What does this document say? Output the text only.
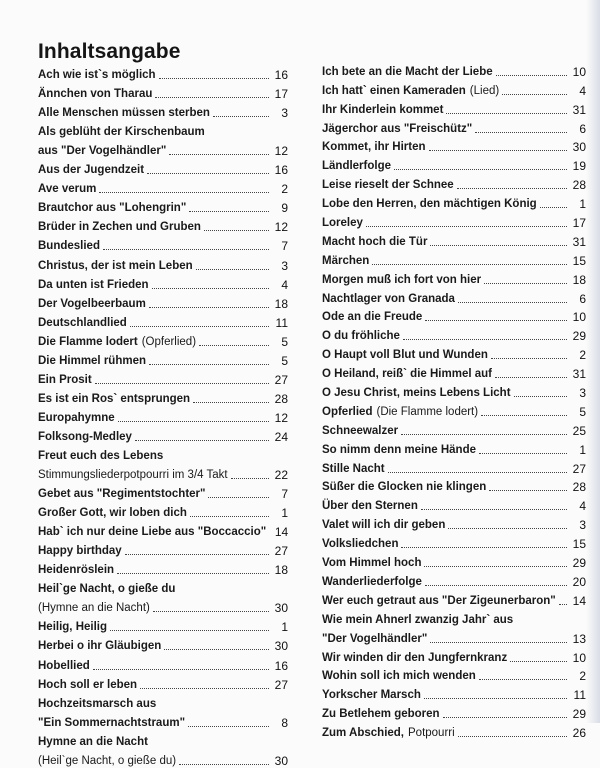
Inhaltsangabe
Ach wie ist`s möglich	16
Ännchen von Tharau	17
Alle Menschen müssen sterben	3
Als geblüht der Kirschenbaum
aus "Der Vogelhändler"	12
Aus der Jugendzeit	16
Ave verum	2
Brautchor aus "Lohengrin"	9
Brüder in Zechen und Gruben	12
Bundeslied	7
Christus, der ist mein Leben	3
Da unten ist Frieden	4
Der Vogelbeerbaum	18
Deutschlandlied	11
Die Flamme lodert (Opferlied)	5
Die Himmel rühmen	5
Ein Prosit	27
Es ist ein Ros` entsprungen	28
Europahymne	12
Folksong-Medley	24
Freut euch des Lebens
Stimmungsliederpotpourri im 3/4 Takt	22
Gebet aus "Regimentstochter"	7
Großer Gott, wir loben dich	1
Hab` ich nur deine Liebe aus "Boccaccio" 14
Happy birthday	27
Heidenröslein	18
Heil`ge Nacht, o gieße du
(Hymne an die Nacht)	30
Heilig, Heilig	1
Herbei o ihr Gläubigen	30
Hobellied	16
Hoch soll er leben	27
Hochzeitsmarsch aus
"Ein Sommernachtstraum"	8
Hymne an die Nacht
(Heil`ge Nacht, o gieße du)	30
Ich bete an die Macht der Liebe	10
Ich hatt` einen Kameraden (Lied)	4
Ihr Kinderlein kommet	31
Jägerchor aus "Freischütz"	6
Kommet, ihr Hirten	30
Ländlerfolge	19
Leise rieselt der Schnee	28
Lobe den Herren, den mächtigen König	1
Loreley	17
Macht hoch die Tür	31
Märchen	15
Morgen muß ich fort von hier	18
Nachtlager von Granada	6
Ode an die Freude	10
O du fröhliche	29
O Haupt voll Blut und Wunden	2
O Heiland, reiß` die Himmel auf	31
O Jesu Christ, meins Lebens Licht	3
Opferlied (Die Flamme lodert)	5
Schneewalzer	25
So nimm denn meine Hände	1
Stille Nacht	27
Süßer die Glocken nie klingen	28
Über den Sternen	4
Valet will ich dir geben	3
Volksliedchen	15
Vom Himmel hoch	29
Wanderliederfolge	20
Wer euch getraut aus "Der Zigeunerbaron" 14
Wie mein Ahnerl zwanzig Jahr` aus
"Der Vogelhändler"	13
Wir winden dir den Jungfernkranz	10
Wohin soll ich mich wenden	2
Yorkscher Marsch	11
Zu Betlehem geboren	29
Zum Abschied, Potpourri	26
